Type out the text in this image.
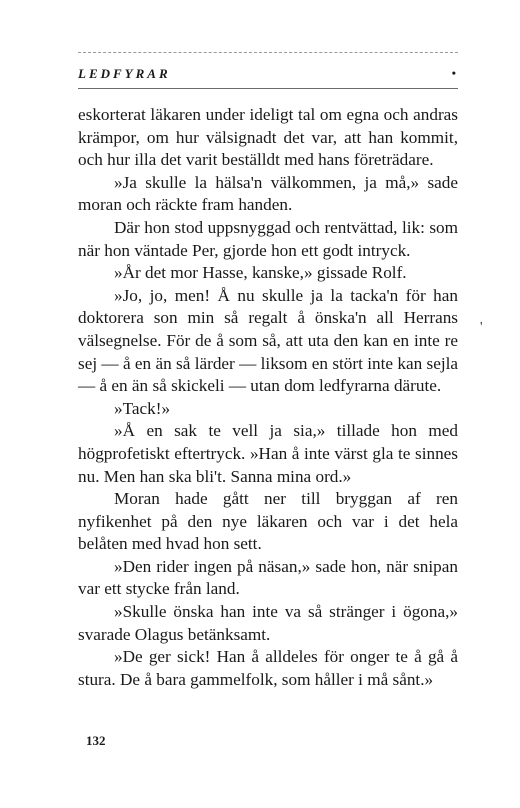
LEDFYRAR	•

eskorterat läkaren under ideligt tal om egna och andras krämpor, om hur välsignadt det var, att han kommit, och hur illa det varit beställdt med hans företrädare.

»Ja skulle la hälsa'n välkommen, ja må,» sade moran och räckte fram handen.

Där hon stod uppsnyggad och rentvättad, lik: som när hon väntade Per, gjorde hon ett godt intryck.

»År det mor Hasse, kanske,» gissade Rolf.

»Jo, jo, men! Å nu skulle ja la tacka'n för han doktorera son min så regalt å önska'n all Herrans välsegnelse. För de å som så, att uta den kan en inte re sej — å en än så lärder — liksom en stört inte kan sejla — å en än så skickeli — utan dom ledfyrarna därute.

»Tack!»

»Å en sak te vell ja sia,» tillade hon med högprofetiskt eftertryck. »Han å inte värst gla te sinnes nu. Men han ska bli't. Sanna mina ord.»

Moran hade gått ner till bryggan af ren nyfikenhet på den nye läkaren och var i det hela belåten med hvad hon sett.

»Den rider ingen på näsan,» sade hon, när snipan var ett stycke från land.

»Skulle önska han inte va så stränger i ögona,» svarade Olagus betänksamt.

»De ger sick! Han å alldeles för onger te å gå å stura. De å bara gammelfolk, som håller i må sånt.»

'
132
